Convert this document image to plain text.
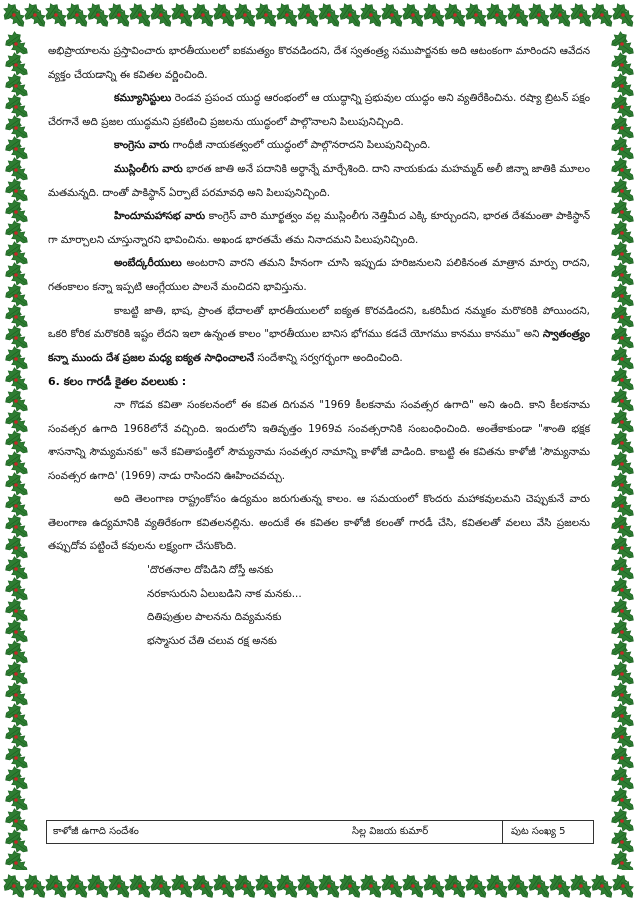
అభిప్రాయాలను ప్రస్తావించారు భారతీయులలో ఐకమత్యం కొరవడిందని, దేశ స్వతంత్ర్య సముపార్జనకు అది ఆటంకంగా మారిందని ఆవేదన వ్యక్తం చేయడాన్ని ఈ కవితల వర్ణించింది.

కమ్యూనిస్టులు రెండవ ప్రపంచ యుద్ధ ఆరంభంలో ఆ యుద్ధాన్ని ప్రభువుల యుద్ధం అని వ్యతిరేకించిను. రష్యా బ్రిటన్ పక్షం చేరగానే అది ప్రజల యుద్ధమని ప్రకటించి ప్రజలను యుద్ధంలో పాల్గొనాలని పిలుపునిచ్చింది.

కాంగ్రెసు వారు గాంధీజీ నాయకత్వంలో యుద్ధంలో పాల్గొనరాదని పిలుపునిచ్చింది.

ముస్లింలీగు వారు భారత జాతి అనే పదానికి అర్థాన్నే మార్చేశింది. దాని నాయకుడు మహమ్మద్ అలీ జిన్నా జాతికి మూలం మతమన్నది. దాంతో పాకిస్థాన్ ఏర్పాటే పరమావధి అని పిలుపునిచ్చింది.

హిందూమహాసభ వారు కాంగ్రెస్ వారి మూర్ఖత్వం వల్ల ముస్లింలీగు నెత్తిమీద ఎక్కి కూర్చుందని, భారత దేశమంతా పాకిస్థాన్ గా మార్చాలని చూస్తున్నారని భావించిను. అఖండ భారతమే తమ నినాదమని పిలుపునిచ్చింది.

అంబేద్కరీయులు అంటరాని వారని తమని హీనంగా చూసి ఇప్పుడు హరిజనులని పలికినంత మాత్రాన మార్పు రాదని, గతంకాలం కన్నా ఇప్పటి ఆంగ్లేయుల పాలనే మంచిదని భావిస్తును.

కాబట్టి జాతి, భాష, ప్రాంత భేదాలతో భారతీయులలో ఐక్యత కొరవడిందని, ఒకరిమీద నమ్మకం మరొకరికి పోయిందని, ఒకరి కోరిక మరొకరికి ఇష్టం లేదని ఇలా ఉన్నంత కాలం "భారతీయుల బానిస భోగము కడచే యోగము కానము కానము" అని స్వాతంత్ర్యం కన్నా ముందు దేశ ప్రజల మధ్య ఐక్యత సాధించాలనే సందేశాన్ని సర్వగర్భంగా అందించింది.

6. కలం గారడీ కైతల వలలుకు :

నా గొడవ కవితా సంకలనంలో ఈ కవిత దిగువన "1969 కీలకనామ సంవత్సర ఉగాది" అని ఉంది. కాని కీలకనామ సంవత్సర ఉగాది 1968లోనే వచ్చింది. ఇందులోని ఇతివృత్తం 1969వ సంవత్సరానికి సంబంధించింది. అంతేకాకుండా "శాంతి భక్షక శాసనాన్ని సౌమ్యమనకు" అనే కవితాపంక్తిలో సౌమ్యనామ సంవత్సర నామాన్ని కాళోజీ వాడింది. కాబట్టి ఈ కవితను కాళోజీ 'సౌమ్యనామ సంవత్సర ఉగాది' (1969) నాడు రాసిందని ఊహించవచ్చు.

అది తెలంగాణ రాష్ట్రంకోసం ఉద్యమం జరుగుతున్న కాలం. ఆ సమయంలో కొందరు మహాకవులమని చెప్పుకునే వారు తెలంగాణ ఉద్యమానికి వ్యతిరేకంగా కవితలనల్లిను. అందుకే ఈ కవితల కాళోజీ కలంతో గారడీ చేసి, కవితలతో వలలు వేసి ప్రజలను తప్పుదోవ పట్టించే కవులను లక్ష్యంగా చేసుకొంది.

'దొరతనాల దోపిడిని దోస్తీ అనకు
నరకాసురుని ఏలుబడిని నాక మనకు...
దితిపుత్రుల పాలనను దివ్యమనకు
భస్మాసుర చేతి చలువ రక్ష అనకు
కాళోజీ ఉగాది సందేశం	సిల్ల విజయ కుమార్	పుట సంఖ్య 5
